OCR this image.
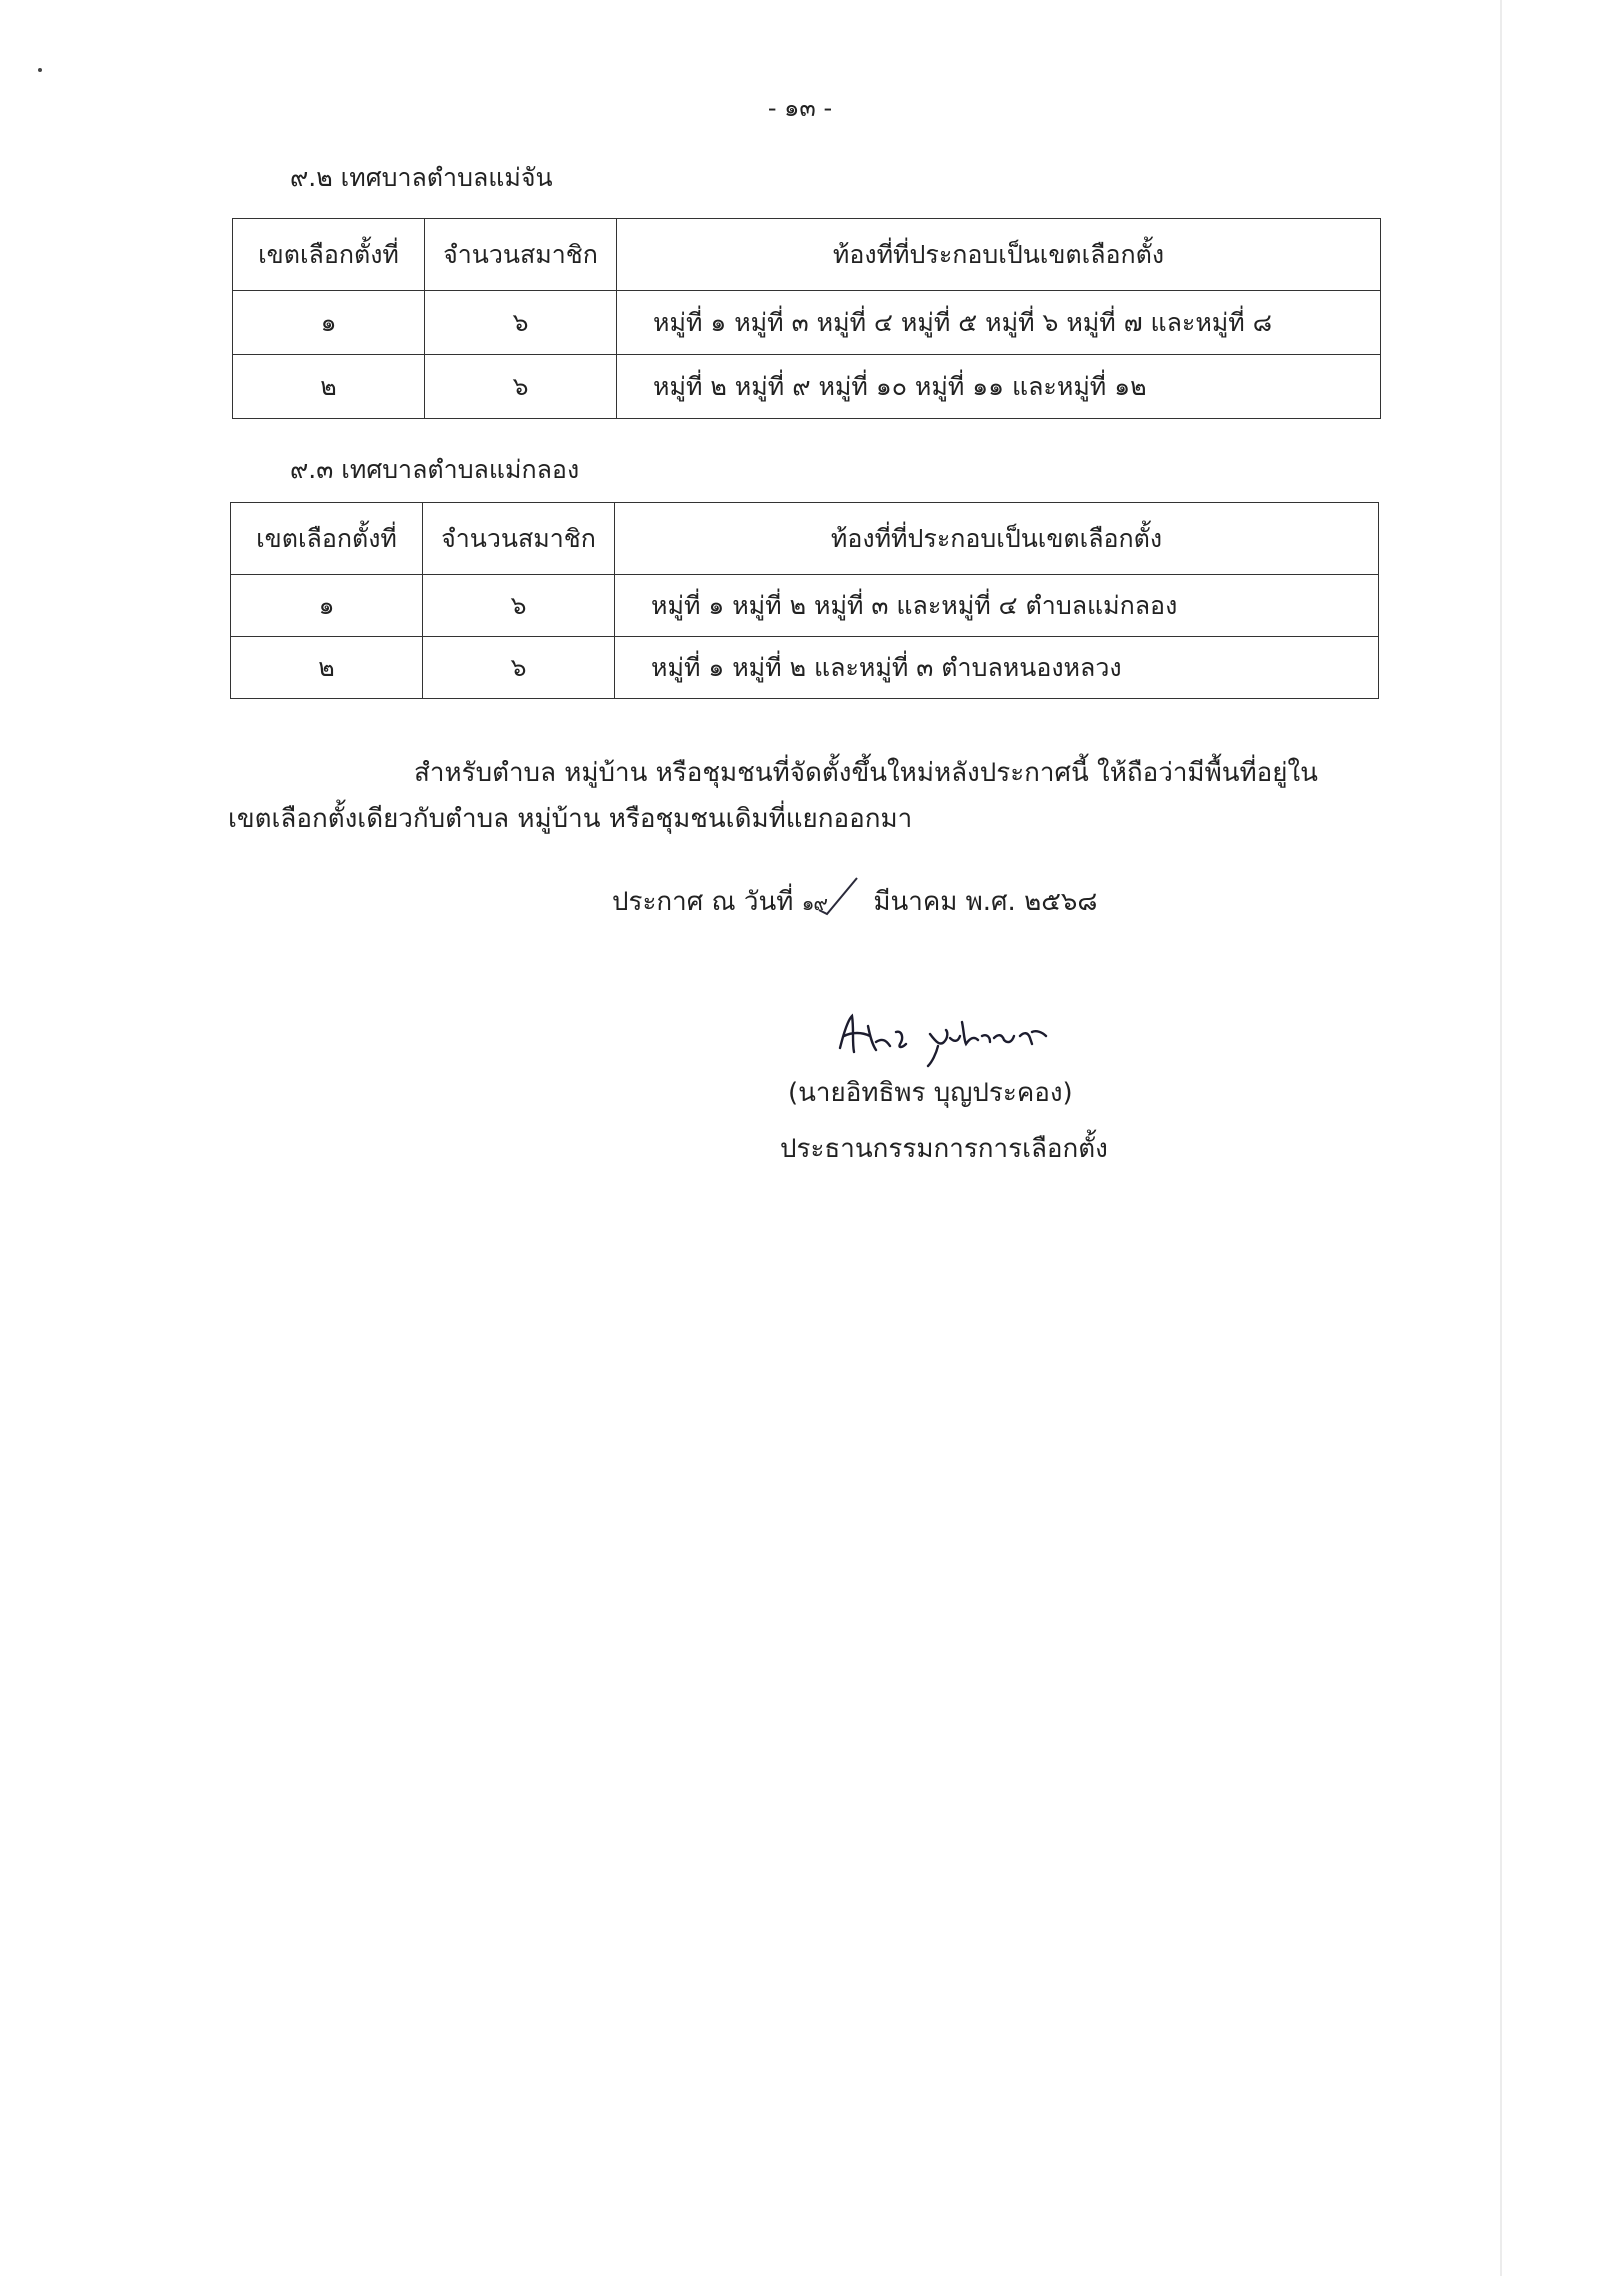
- ๑๓ -
๙.๒ เทศบาลตำบลแม่จัน
เขตเลือกตั้งที่	จำนวนสมาชิก	ท้องที่ที่ประกอบเป็นเขตเลือกตั้ง
๑	๖	หมู่ที่ ๑ หมู่ที่ ๓ หมู่ที่ ๔ หมู่ที่ ๕ หมู่ที่ ๖ หมู่ที่ ๗ และหมู่ที่ ๘
๒	๖	หมู่ที่ ๒ หมู่ที่ ๙ หมู่ที่ ๑๐ หมู่ที่ ๑๑ และหมู่ที่ ๑๒
๙.๓ เทศบาลตำบลแม่กลอง
เขตเลือกตั้งที่	จำนวนสมาชิก	ท้องที่ที่ประกอบเป็นเขตเลือกตั้ง
๑	๖	หมู่ที่ ๑ หมู่ที่ ๒ หมู่ที่ ๓ และหมู่ที่ ๔ ตำบลแม่กลอง
๒	๖	หมู่ที่ ๑ หมู่ที่ ๒ และหมู่ที่ ๓ ตำบลหนองหลวง
สำหรับตำบล หมู่บ้าน หรือชุมชนที่จัดตั้งขึ้นใหม่หลังประกาศนี้ ให้ถือว่ามีพื้นที่อยู่ใน
เขตเลือกตั้งเดียวกับตำบล หมู่บ้าน หรือชุมชนเดิมที่แยกออกมา
ประกาศ ณ วันที่ ๑๙ มีนาคม พ.ศ. ๒๕๖๘
(นายอิทธิพร บุญประคอง)
ประธานกรรมการการเลือกตั้ง
